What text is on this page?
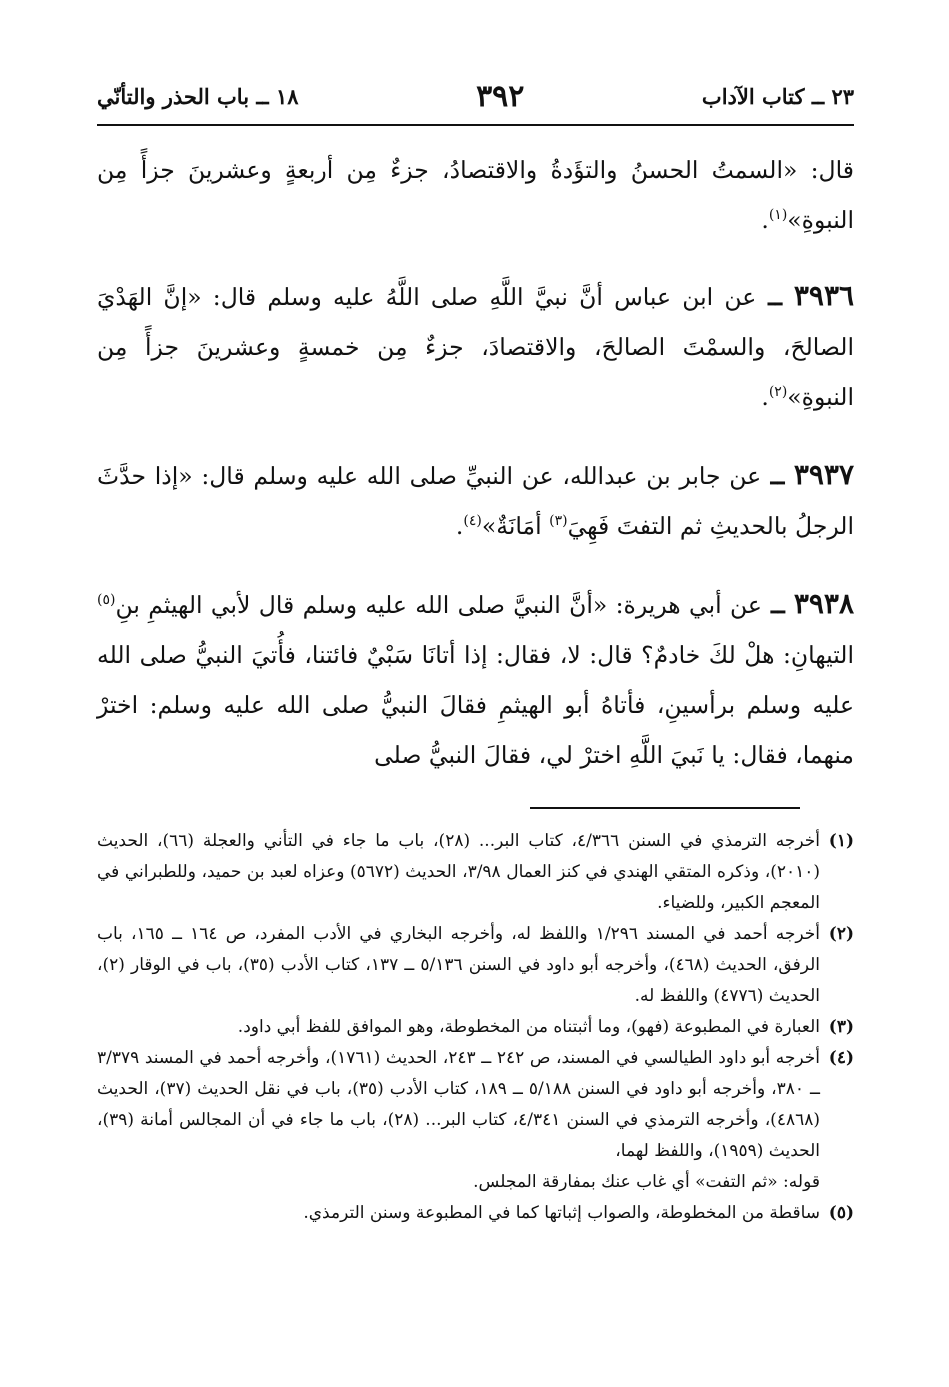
٢٣ ــ كتاب الآداب
٣٩٢
١٨ ــ باب الحذر والتأنّي

قال: «السمتُ الحسنُ والتؤَدةُ والاقتصادُ، جزءٌ مِن أربعةٍ وعشرينَ جزأً مِن النبوةِ»$^{(١)}$.

٣٩٣٦ ــ عن ابن عباس أنَّ نبيَّ اللَّهِ صلى اللَّهُ عليه وسلم قال: «إنَّ الهَدْيَ الصالحَ، والسمْتَ الصالحَ، والاقتصادَ، جزءٌ مِن خمسةٍ وعشرينَ جزأً مِن النبوةِ»$^{(٢)}$.

٣٩٣٧ ــ عن جابر بن عبدالله، عن النبيِّ صلى الله عليه وسلم قال: «إذا حدَّثَ الرجلُ بالحديثِ ثم التفتَ فَهِيَ$^{(٣)}$ أمَانَةٌ»$^{(٤)}$.

٣٩٣٨ ــ عن أبي هريرة: «أنَّ النبيَّ صلى الله عليه وسلم قال لأبي الهيثمِ بنِ$^{(٥)}$ التيهانِ: هلْ لكَ خادمٌ؟ قال: لا، فقال: إذا أتانَا سَبْيٌ فائتنا، فأُتيَ النبيُّ صلى الله عليه وسلم برأسينِ، فأتاهُ أبو الهيثمِ فقالَ النبيُّ صلى الله عليه وسلم: اخترْ منهما، فقال: يا نَبيَ اللَّهِ اخترْ لي، فقالَ النبيُّ صلى

(١)
أخرجه الترمذي في السنن ٤/٣٦٦، كتاب البر... (٢٨)، باب ما جاء في التأني والعجلة (٦٦)، الحديث (٢٠١٠)، وذكره المتقي الهندي في كنز العمال ٣/٩٨، الحديث (٥٦٧٢) وعزاه لعبد بن حميد، وللطبراني في المعجم الكبير، وللضياء.
(٢)
أخرجه أحمد في المسند ١/٢٩٦ واللفظ له، وأخرجه البخاري في الأدب المفرد، ص ١٦٤ ــ ١٦٥، باب الرفق، الحديث (٤٦٨)، وأخرجه أبو داود في السنن ٥/١٣٦ ــ ١٣٧، كتاب الأدب (٣٥)، باب في الوقار (٢)، الحديث (٤٧٧٦) واللفظ له.
(٣)
العبارة في المطبوعة (فهو)، وما أثبتناه من المخطوطة، وهو الموافق للفظ أبي داود.
(٤)
أخرجه أبو داود الطيالسي في المسند، ص ٢٤٢ ــ ٢٤٣، الحديث (١٧٦١)، وأخرجه أحمد في المسند ٣/٣٧٩ ــ ٣٨٠، وأخرجه أبو داود في السنن ٥/١٨٨ ــ ١٨٩، كتاب الأدب (٣٥)، باب في نقل الحديث (٣٧)، الحديث (٤٨٦٨)، وأخرجه الترمذي في السنن ٤/٣٤١، كتاب البر... (٢٨)، باب ما جاء في أن المجالس أمانة (٣٩)، الحديث (١٩٥٩)، واللفظ لهما،
قوله: «ثم التفت» أي غاب عنك بمفارقة المجلس.
(٥)
ساقطة من المخطوطة، والصواب إثباتها كما في المطبوعة وسنن الترمذي.
